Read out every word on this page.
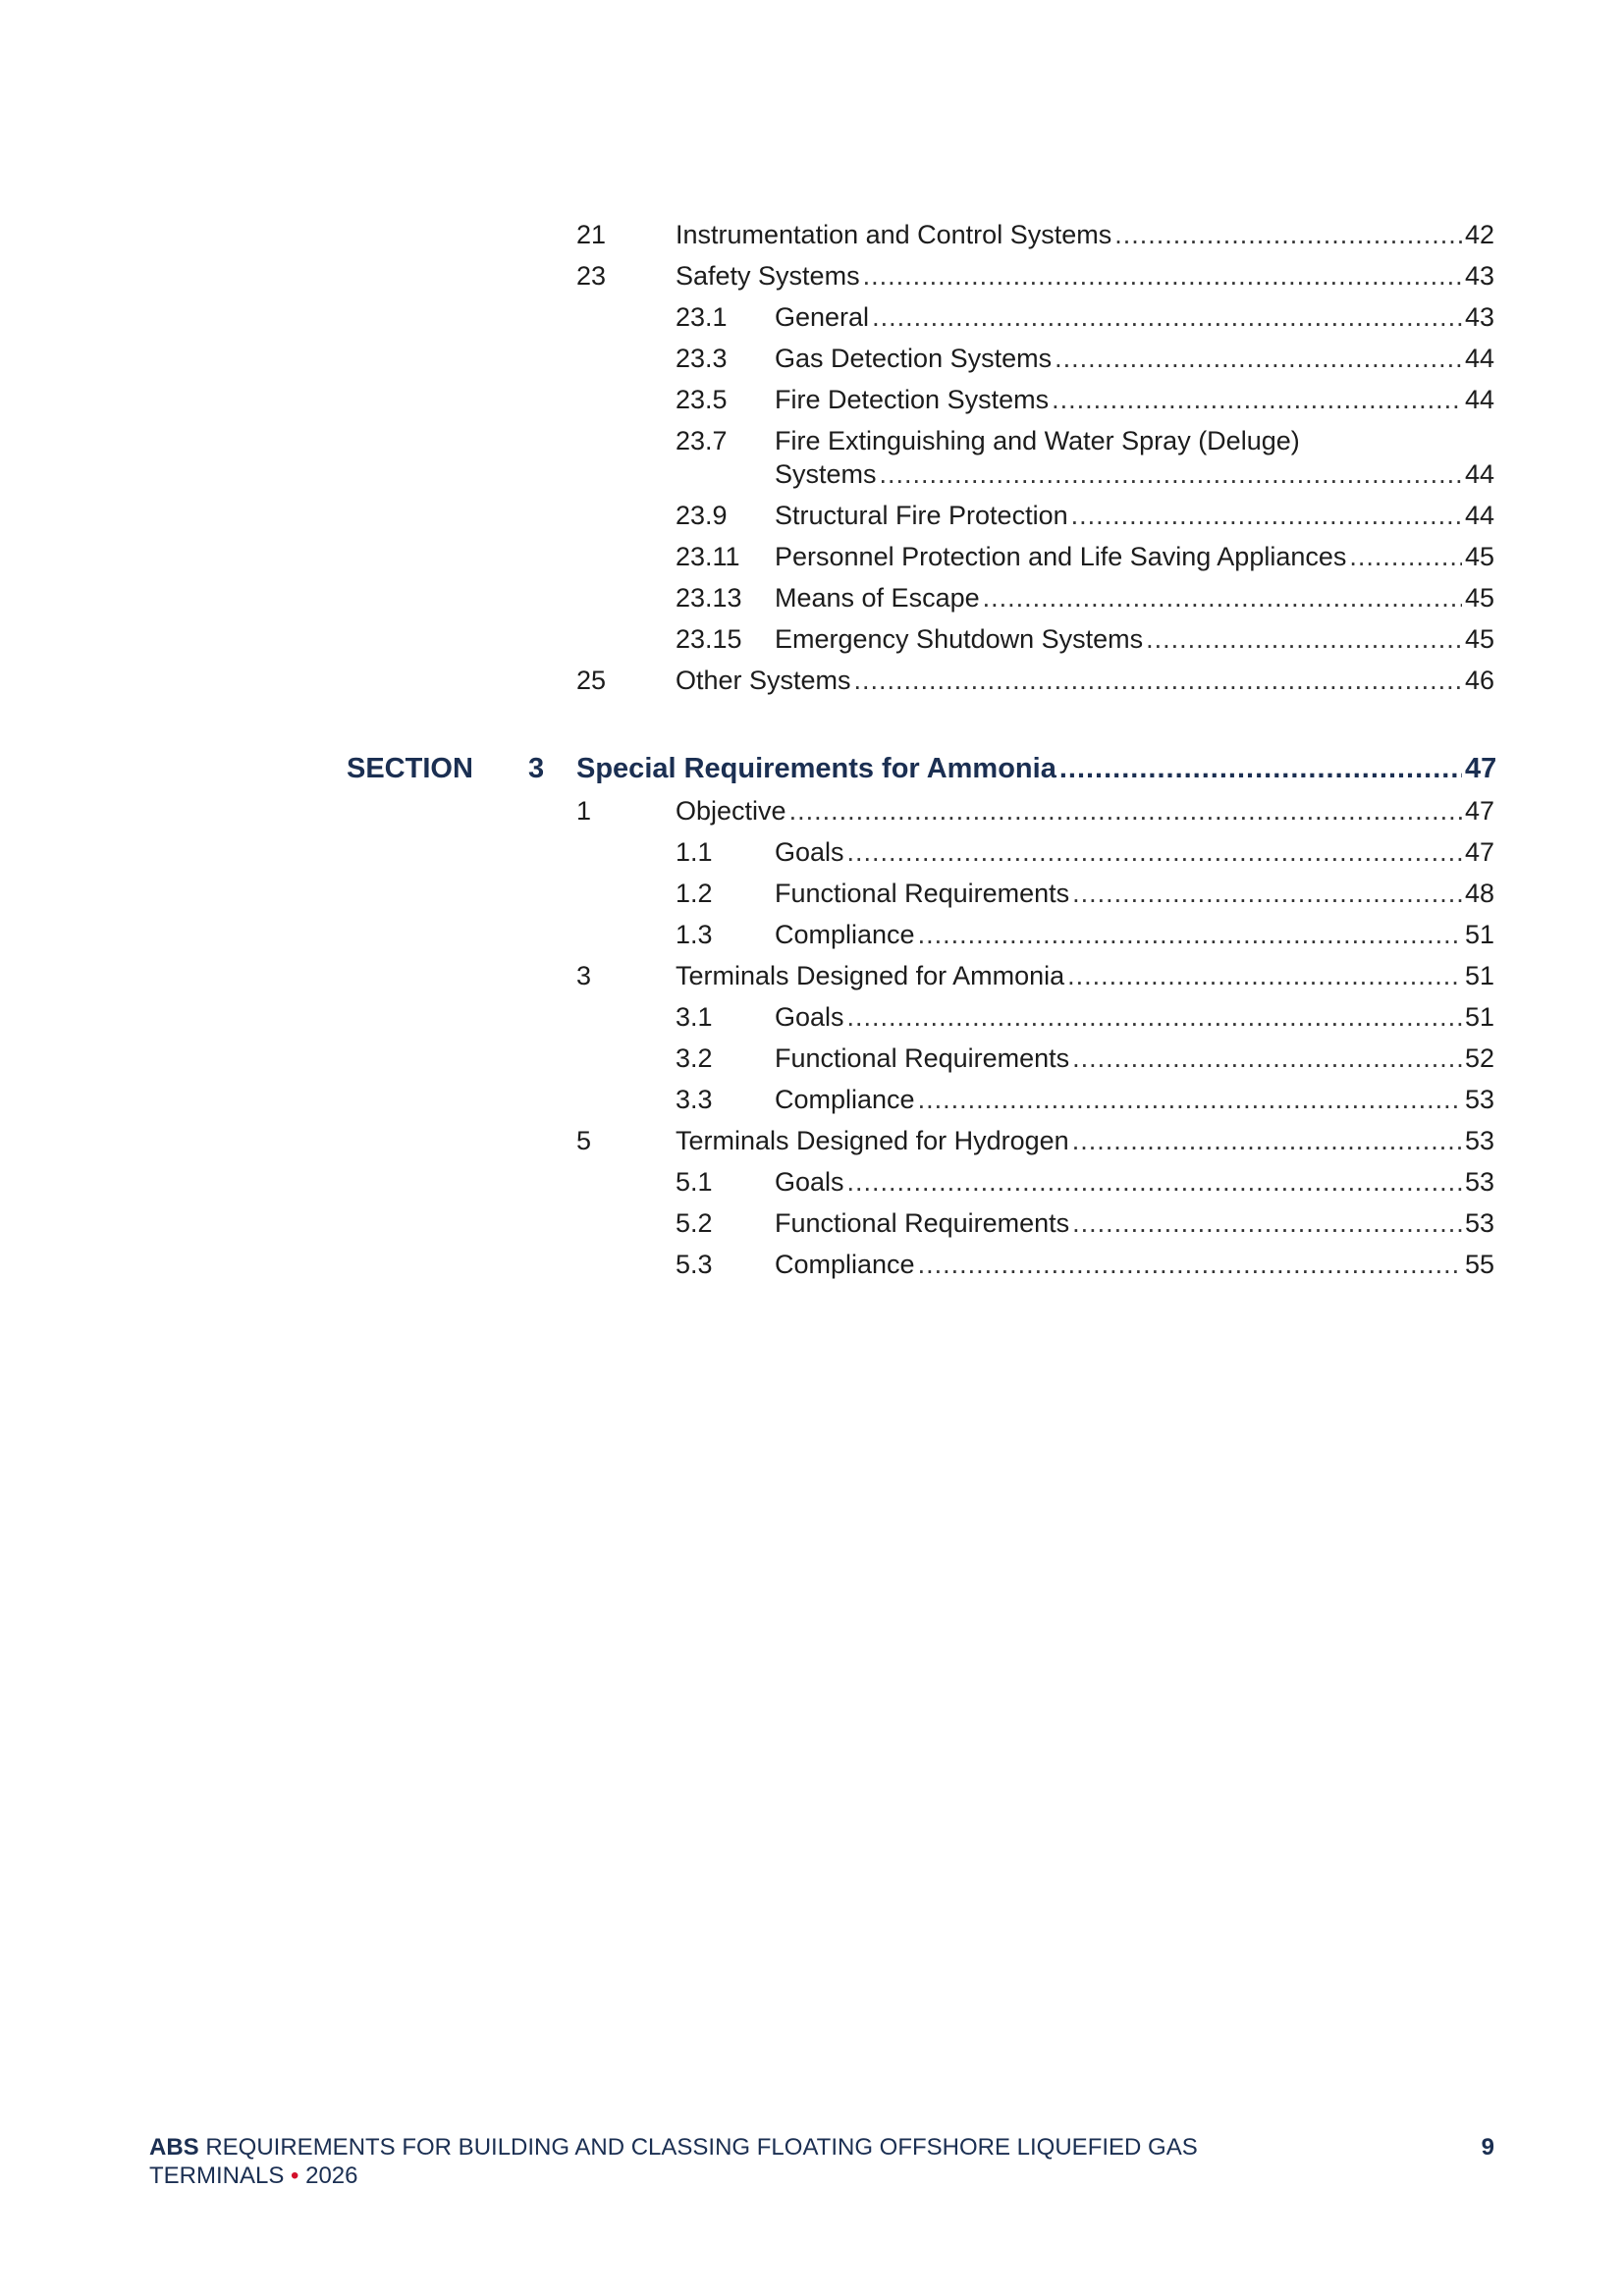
21	Instrumentation and Control Systems .....	42
23	Safety Systems .....	43
23.1 General .....	43
23.3 Gas Detection Systems .....	44
23.5 Fire Detection Systems .....	44
23.7 Fire Extinguishing and Water Spray (Deluge)
Systems .....	44
23.9 Structural Fire Protection .....	44
23.11 Personnel Protection and Life Saving Appliances .....	45
23.13 Means of Escape .....	45
23.15 Emergency Shutdown Systems .....	45
25	Other Systems .....	46
SECTION 3 Special Requirements for Ammonia .....	47
1	Objective .....	47
1.1 Goals .....	47
1.2 Functional Requirements .....	48
1.3 Compliance .....	51
3	Terminals Designed for Ammonia .....	51
3.1 Goals .....	51
3.2 Functional Requirements .....	52
3.3 Compliance .....	53
5	Terminals Designed for Hydrogen .....	53
5.1 Goals .....	53
5.2 Functional Requirements .....	53
5.3 Compliance .....	55
ABS REQUIREMENTS FOR BUILDING AND CLASSING FLOATING OFFSHORE LIQUEFIED GAS
TERMINALS • 2026
9
